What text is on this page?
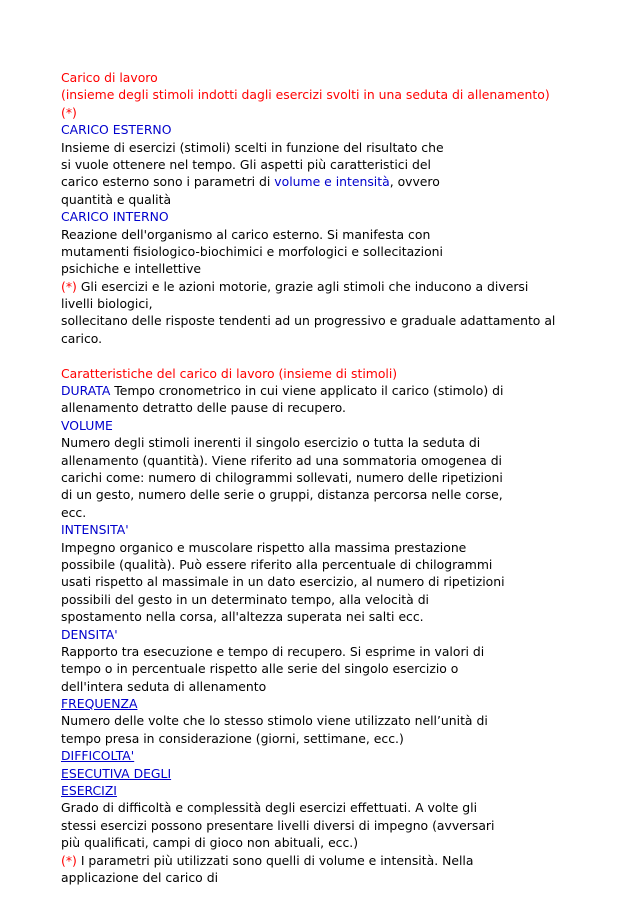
Carico di lavoro
(insieme degli stimoli indotti dagli esercizi svolti in una seduta di allenamento)
(*)
CARICO ESTERNO
Insieme di esercizi (stimoli) scelti in funzione del risultato che
si vuole ottenere nel tempo. Gli aspetti più caratteristici del
carico esterno sono i parametri di volume e intensità, ovvero
quantità e qualità
CARICO INTERNO
Reazione dell'organismo al carico esterno. Si manifesta con
mutamenti fisiologico-biochimici e morfologici e sollecitazioni
psichiche e intellettive
(*) Gli esercizi e le azioni motorie, grazie agli stimoli che inducono a diversi
livelli biologici,
sollecitano delle risposte tendenti ad un progressivo e graduale adattamento al
carico.
Caratteristiche del carico di lavoro (insieme di stimoli)
DURATA Tempo cronometrico in cui viene applicato il carico (stimolo) di
allenamento detratto delle pause di recupero.
VOLUME
Numero degli stimoli inerenti il singolo esercizio o tutta la seduta di
allenamento (quantità). Viene riferito ad una sommatoria omogenea di
carichi come: numero di chilogrammi sollevati, numero delle ripetizioni
di un gesto, numero delle serie o gruppi, distanza percorsa nelle corse,
ecc.
INTENSITA'
Impegno organico e muscolare rispetto alla massima prestazione
possibile (qualità). Può essere riferito alla percentuale di chilogrammi
usati rispetto al massimale in un dato esercizio, al numero di ripetizioni
possibili del gesto in un determinato tempo, alla velocità di
spostamento nella corsa, all'altezza superata nei salti ecc.
DENSITA'
Rapporto tra esecuzione e tempo di recupero. Si esprime in valori di
tempo o in percentuale rispetto alle serie del singolo esercizio o
dell'intera seduta di allenamento
FREQUENZA
Numero delle volte che lo stesso stimolo viene utilizzato nell’unità di
tempo presa in considerazione (giorni, settimane, ecc.)
DIFFICOLTA'
ESECUTIVA DEGLI
ESERCIZI
Grado di difficoltà e complessità degli esercizi effettuati. A volte gli
stessi esercizi possono presentare livelli diversi di impegno (avversari
più qualificati, campi di gioco non abituali, ecc.)
(*) I parametri più utilizzati sono quelli di volume e intensità. Nella
applicazione del carico di
